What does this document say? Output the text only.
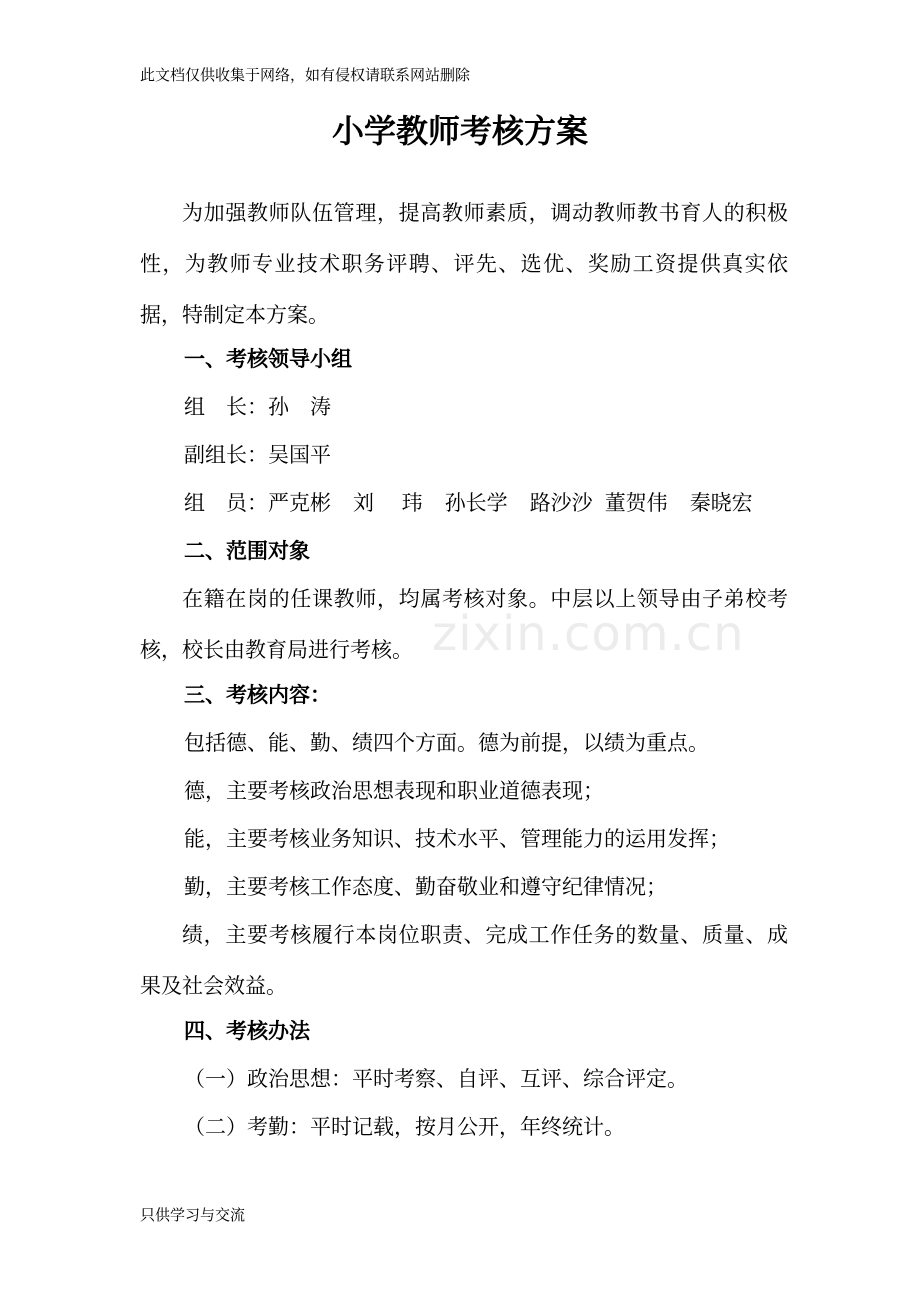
zixin.com.cn
此文档仅供收集于网络，如有侵权请联系网站删除
小学教师考核方案
为加强教师队伍管理，提高教师素质，调动教师教书育人的积极性，为教师专业技术职务评聘、评先、选优、奖励工资提供真实依据，特制定本方案。
一、考核领导小组
组　长：孙　涛
副组长：吴国平
组　员：严克彬 刘　 玮 孙长学 路沙沙 董贺伟 秦晓宏
二、范围对象
在籍在岗的任课教师，均属考核对象。中层以上领导由子弟校考核，校长由教育局进行考核。
三、考核内容：
包括德、能、勤、绩四个方面。德为前提，以绩为重点。
德，主要考核政治思想表现和职业道德表现；
能，主要考核业务知识、技术水平、管理能力的运用发挥；
勤，主要考核工作态度、勤奋敬业和遵守纪律情况；
绩，主要考核履行本岗位职责、完成工作任务的数量、质量、成果及社会效益。
四、考核办法
（一）政治思想：平时考察、自评、互评、综合评定。
（二）考勤：平时记载，按月公开，年终统计。
只供学习与交流
